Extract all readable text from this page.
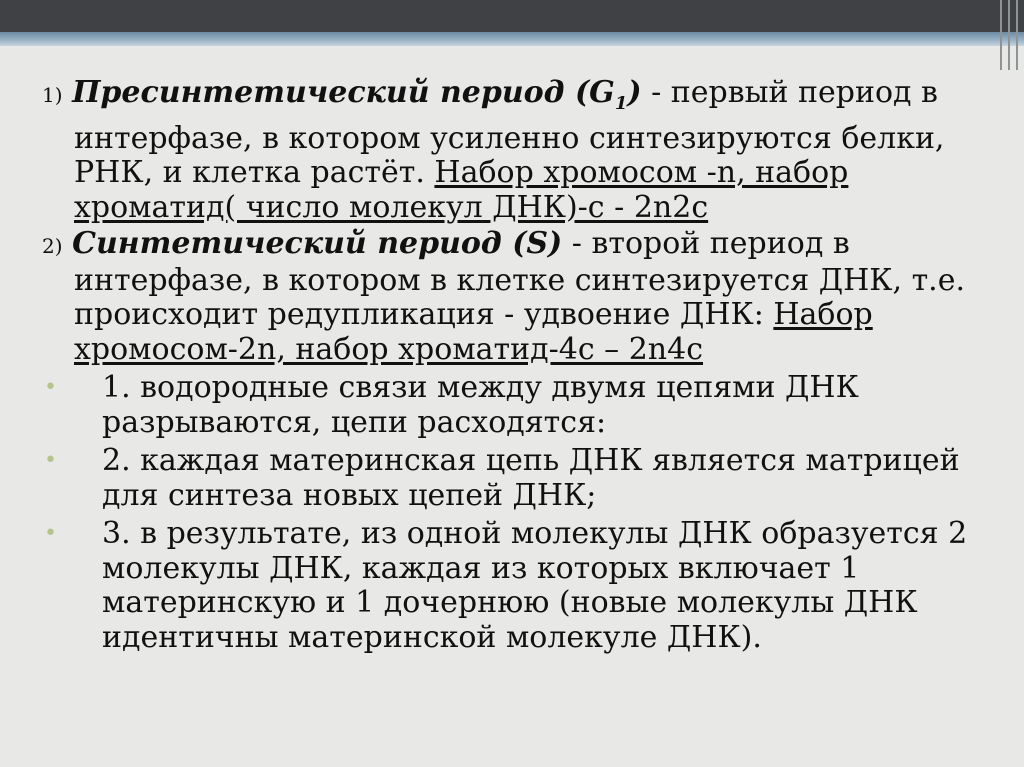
1) Пресинтетический период $(G_1)$ - первый период в интерфазе, в котором усиленно синтезируются белки, РНК, и клетка растёт. Набор хромосом -n, набор хроматид( число молекул ДНК)-с - 2n2c

2) Синтетический период (S) - второй период в интерфазе, в котором в клетке синтезируется ДНК, т.е. происходит редупликация - удвоение ДНК: Набор хромосом-2n, набор хроматид-4c – 2n4c

• 1. водородные связи между двумя цепями ДНК разрываются, цепи расходятся:
• 2. каждая материнская цепь ДНК является матрицей для синтеза новых цепей ДНК;
• 3. в результате, из одной молекулы ДНК образуется 2 молекулы ДНК, каждая из которых включает 1 материнскую и 1 дочернюю (новые молекулы ДНК идентичны материнской молекуле ДНК).
